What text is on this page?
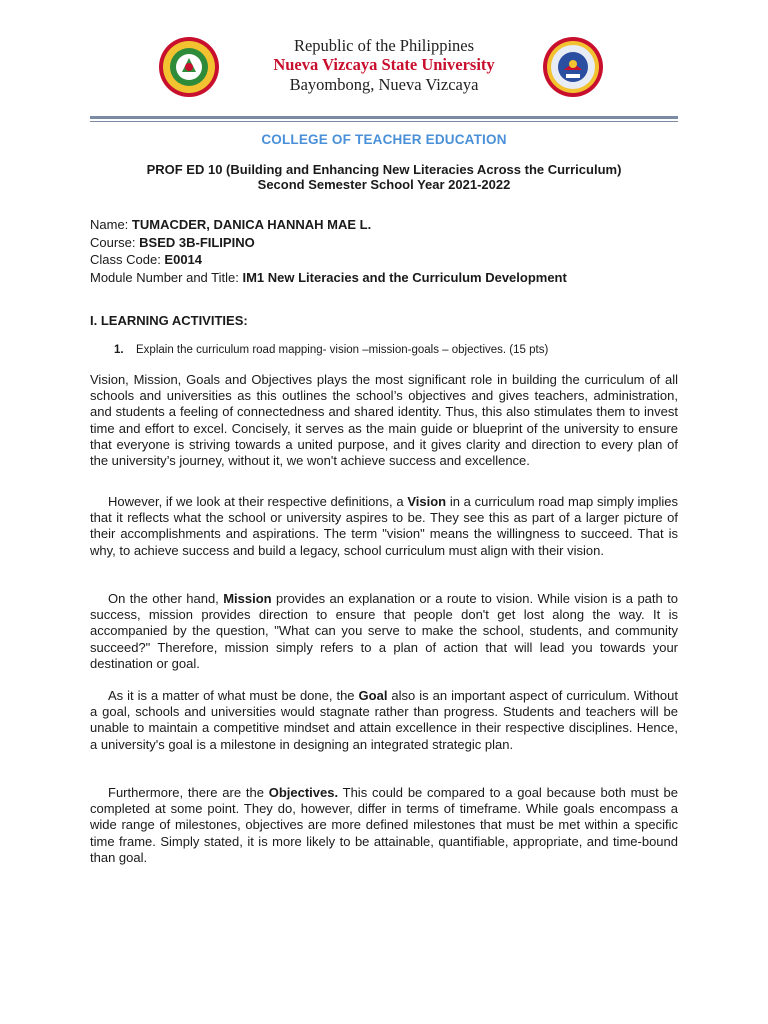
Republic of the Philippines
Nueva Vizcaya State University
Bayombong, Nueva Vizcaya
COLLEGE OF TEACHER EDUCATION
PROF ED 10 (Building and Enhancing New Literacies Across the Curriculum)
Second Semester School Year 2021-2022
Name: TUMACDER, DANICA HANNAH MAE L.
Course: BSED 3B-FILIPINO
Class Code: E0014
Module Number and Title: IM1 New Literacies and the Curriculum Development
I. LEARNING ACTIVITIES:
1. Explain the curriculum road mapping- vision –mission-goals – objectives. (15 pts)
Vision, Mission, Goals and Objectives plays the most significant role in building the curriculum of all schools and universities as this outlines the school’s objectives and gives teachers, administration, and students a feeling of connectedness and shared identity. Thus, this also stimulates them to invest time and effort to excel. Concisely, it serves as the main guide or blueprint of the university to ensure that everyone is striving towards a united purpose, and it gives clarity and direction to every plan of the university’s journey, without it, we won't achieve success and excellence.
However, if we look at their respective definitions, a Vision in a curriculum road map simply implies that it reflects what the school or university aspires to be. They see this as part of a larger picture of their accomplishments and aspirations. The term "vision" means the willingness to succeed. That is why, to achieve success and build a legacy, school curriculum must align with their vision.
On the other hand, Mission provides an explanation or a route to vision. While vision is a path to success, mission provides direction to ensure that people don't get lost along the way. It is accompanied by the question, "What can you serve to make the school, students, and community succeed?" Therefore, mission simply refers to a plan of action that will lead you towards your destination or goal.
As it is a matter of what must be done, the Goal also is an important aspect of curriculum. Without a goal, schools and universities would stagnate rather than progress. Students and teachers will be unable to maintain a competitive mindset and attain excellence in their respective disciplines. Hence, a university's goal is a milestone in designing an integrated strategic plan.
Furthermore, there are the Objectives. This could be compared to a goal because both must be completed at some point. They do, however, differ in terms of timeframe. While goals encompass a wide range of milestones, objectives are more defined milestones that must be met within a specific time frame. Simply stated, it is more likely to be attainable, quantifiable, appropriate, and time-bound than goal.
